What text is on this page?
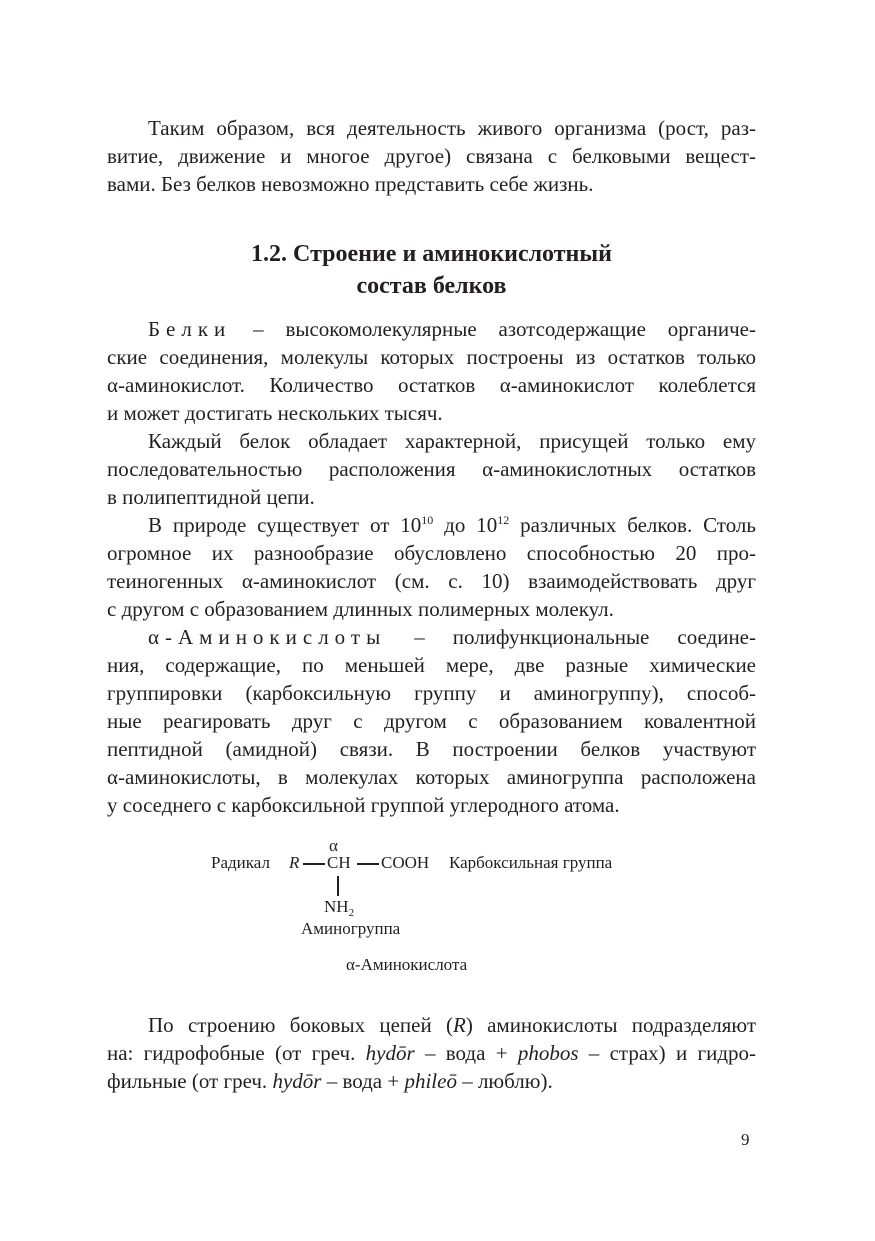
Таким образом, вся деятельность живого организма (рост, раз-
витие, движение и многое другое) связана с белковыми вещест-
вами. Без белков невозможно представить себе жизнь.
1.2. Строение и аминокислотный
состав белков
Белки – высокомолекулярные азотсодержащие органиче-
ские соединения, молекулы которых построены из остатков только
α-аминокислот. Количество остатков α-аминокислот колеблется
и может достигать нескольких тысяч.
Каждый белок обладает характерной, присущей только ему
последовательностью расположения α-аминокислотных остатков
в полипептидной цепи.
В природе существует от $10^{10}$ до $10^{12}$ различных белков. Столь
огромное их разнообразие обусловлено способностью 20 про-
теиногенных α-аминокислот (см. с. 10) взаимодействовать друг
с другом с образованием длинных полимерных молекул.
α-Аминокислоты – полифункциональные соедине-
ния, содержащие, по меньшей мере, две разные химические
группировки (карбоксильную группу и аминогруппу), способ-
ные реагировать друг с другом с образованием ковалентной
пептидной (амидной) связи. В построении белков участвуют
α-аминокислоты, в молекулах которых аминогруппа расположена
у соседнего с карбоксильной группой углеродного атома.
α
Радикал R CH COOH Карбоксильная группа
$NH_2$
Аминогруппа
α-Аминокислота
По строению боковых цепей (R) аминокислоты подразделяют
на: гидрофобные (от греч. hydōr – вода + phobos – страх) и гидро-
фильные (от греч. hydōr – вода + phileō – люблю).
9
